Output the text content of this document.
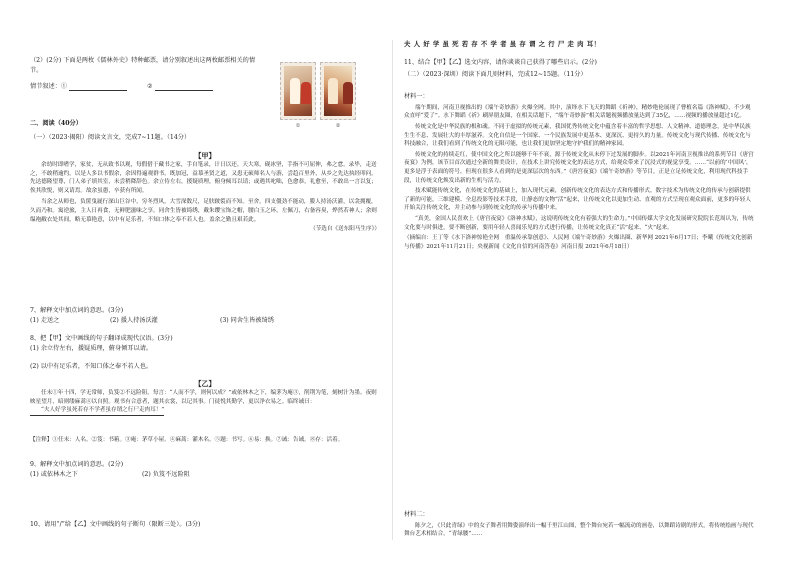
（2）(2分) 下面是两枚《儒林外史》特种邮票，请分别叙述出这两枚邮票相关的情节。

情节叙述：①	②

①	②

二、阅读（40分）

（一）（2023·揭阳）阅读文言文，完成7~11题。（14分）

【甲】

余幼时即嗜学，家贫，无从致书以观，每假借于藏书之家，手自笔录，计日以还。天大寒，砚冰坚，手指不可屈伸，弗之怠。录毕，走送之，不敢稍逾约。以是人多以书假余，余因得遍观群书。既加冠，益慕圣贤之道，又患无硕师名人与游，尝趋百里外，从乡之先达执经叩问。先达德隆望尊，门人弟子填其室，未尝稍降辞色。余立侍左右，援疑质理，俯身倾耳以请；或遇其叱咄，色愈恭，礼愈至，不敢出一言以复；俟其欣悦，则又请焉。故余虽愚，卒获有所闻。

当余之从师也，负箧曳屣行深山巨谷中，穷冬烈风，大雪深数尺，足肤皲裂而不知。至舍，四支僵劲不能动，媵人持汤沃灌，以衾拥覆，久而乃和。寓逆旅，主人日再食，无鲜肥滋味之享。同舍生皆被绮绣，戴朱缨宝饰之帽，腰白玉之环，左佩刀，右备容臭，烨然若神人；余则缊袍敝衣处其间，略无慕艳意，以中有足乐者，不知口体之奉不若人也。盖余之勤且艰若此。

（节选自《送东阳马生序》）

7、解释文中加点词的意思。(3分)

(1) 走送之	(2) 援人持汤沃灌	(3) 同舍生皆被绮绣

8、把【甲】文中画线的句子翻译成现代汉语。(3分)

(1) 余立侍左右，援疑质理，俯身倾耳以请。

(2) 以中有足乐者，不知口体之奉不若人也。

【乙】

任末①年十四，学无常师，负笈②不远险阻。每言：“人而不学，则何以成？”或依林木之下，编茅为庵③，削荆为笔，刻树汁为墨。夜则映星望月，暗则缕麻蒿④以自照。观书有合意者，题其衣裳，以记其事。门徒悦其勤学，更以净衣易之。临终诫曰：“夫人好学虽死若存不学者虽存谓之行尸走肉耳！”

【注释】①任末：人名。②笈：书箱。③庵：茅草小屋。④麻蒿：灌木名。⑤题：书写。⑥易：换。⑦诫：告诫。⑧存：活着。

9、解释文中加点词的意思。(2分)

(1) 或依林木之下	(2) 负笈不远险阻

10、请用“/”给【乙】文中画线的句子断句（限断三处）。(3分)

夫 人 好 学 虽 死 若 存 不 学 者 虽 存 谓 之 行 尸 走 肉 耳！

11、结合【甲】【乙】选文内容，请你谈谈自己获得了哪些启示。(2分)

（二）（2023·深圳）阅读下面几则材料，完成12~15题。（11分）

材料一：

端午期间，河南卫视推出的《端午奇妙游》火爆全网。其中，演绎水下飞天的舞蹈《祈神》，精妙绝伦展现了曹植名篇《洛神赋》，不少观众直呼“爱了”。水下舞蹈《祈》刷屏朋友圈，在相关话题下，“端午奇妙游”相关话题视频播放量达到了35亿，……视频的播放量超过1亿。

传统文化是中华民族的根和魂。不同于虚拟的传统元素，我国优秀传统文化中蕴含着丰富的哲学思想、人文精神、道德理念，是中华民族生生不息、发展壮大的丰厚滋养。文化自信是一个国家、一个民族发展中更基本、更深沉、更持久的力量。传统文化与现代传播、传统文化与科技融合，让我们看到了传统文化的无限可能，也让我们更加坚定地守护我们的精神家园。

传统文化的持续走红，使中国文化之所以能够千年不衰，源于传统文化从未停下过发展的脚步。以2021年河南卫视推出的系列节目《唐宫夜宴》为例，该节目首次通过全新的舞美设计，在技术上讲究传统文化的表达方式，给观众带来了沉浸式的视觉享受。……“以前的‘中国风’，更多是浮于表面的符号，但现在很多人看到的是更深层次的东西。”《唐宫夜宴》《端午奇妙游》等节目，正是立足传统文化，利用现代科技手段，让传统文化焕发出新的生机与活力。

技术赋能传统文化，在传统文化的基础上，加入现代元素，创新传统文化的表达方式和传播形式。数字技术为传统文化的传承与创新提供了新的可能，三维建模、全息投影等技术手段，让静态的文物“活”起来，让传统文化以更加生动、直观的方式呈现在观众面前，更多的年轻人开始关注传统文化，并主动参与到传统文化的传承与传播中来。

“真美，金国人民喜欢上《唐宫夜宴》《洛神水赋》，这说明传统文化有着强大的生命力。”中国传媒大学文化发展研究院院长范周认为，传统文化要与时俱进，要不断创新，要用年轻人喜闻乐见的方式进行传播，让传统文化真正“活”起来、“火”起来。

（摘编自：王丁等《水下洛神惊艳全网　重温传承靠创意》、人民网《端午奇妙游》火爆出圈、新华网 2021年6月17日；李曦《传统文化创新与传播》2021年11月21日；央视新闻《文化自信的河南答卷》河南日报 2021年6月18日）

材料二：

陈夕之，《只此青绿》中的女子舞者用舞姿演绎出一幅千里江山图，整个舞台宛若一幅流动的画卷，以舞蹈诗剧的形式，将传统绘画与现代舞台艺术相结合，“青绿腰”……
